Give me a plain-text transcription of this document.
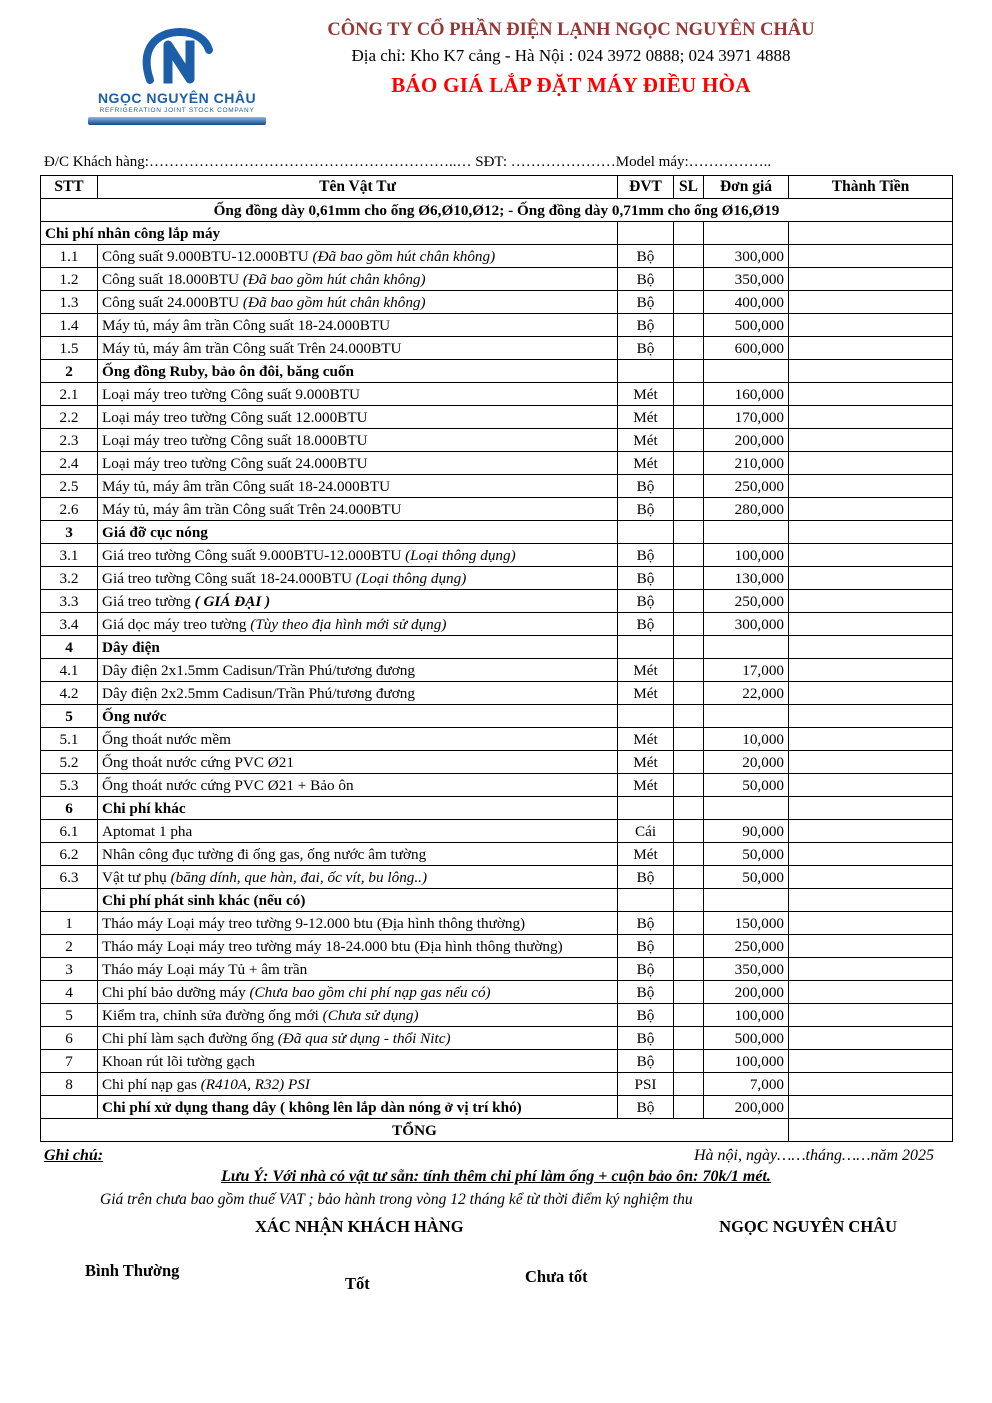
NGỌC NGUYÊN CHÂU
REFRIGERATION JOINT STOCK COMPANY
CÔNG TY CỔ PHẦN ĐIỆN LẠNH NGỌC NGUYÊN CHÂU
Địa chỉ: Kho K7 cảng - Hà Nội : 024 3972 0888; 024 3971 4888
BÁO GIÁ LẮP ĐẶT MÁY ĐIỀU HÒA
Đ/C Khách hàng:……………………………………………………..… SĐT: …………………Model máy:……………..
STT	Tên Vật Tư	ĐVT	SL	Đơn giá	Thành Tiền
Ống đồng dày 0,61mm cho ống Ø6,Ø10,Ø12; - Ống đồng dày 0,71mm cho ống Ø16,Ø19					
Chi phí nhân công lắp máy					
1.1	Công suất 9.000BTU-12.000BTU (Đã bao gồm hút chân không)	Bộ		300,000	
1.2	Công suất 18.000BTU (Đã bao gồm hút chân không)	Bộ		350,000	
1.3	Công suất 24.000BTU (Đã bao gồm hút chân không)	Bộ		400,000	
1.4	Máy tủ, máy âm trần Công suất 18-24.000BTU	Bộ		500,000	
1.5	Máy tủ, máy âm trần Công suất Trên 24.000BTU	Bộ		600,000	
2	Ống đồng Ruby, bảo ôn đôi, băng cuốn				
2.1	Loại máy treo tường Công suất 9.000BTU	Mét		160,000	
2.2	Loại máy treo tường Công suất 12.000BTU	Mét		170,000	
2.3	Loại máy treo tường Công suất 18.000BTU	Mét		200,000	
2.4	Loại máy treo tường Công suất 24.000BTU	Mét		210,000	
2.5	Máy tủ, máy âm trần Công suất 18-24.000BTU	Bộ		250,000	
2.6	Máy tủ, máy âm trần Công suất Trên 24.000BTU	Bộ		280,000	
3	Giá đỡ cục nóng				
3.1	Giá treo tường Công suất 9.000BTU-12.000BTU (Loại thông dụng)	Bộ		100,000	
3.2	Giá treo tường Công suất 18-24.000BTU (Loại thông dụng)	Bộ		130,000	
3.3	Giá treo tường ( GIÁ ĐẠI )	Bộ		250,000	
3.4	Giá dọc máy treo tường (Tùy theo địa hình mới sử dụng)	Bộ		300,000	
4	Dây điện				
4.1	Dây điện 2x1.5mm Cadisun/Trần Phú/tương đương	Mét		17,000	
4.2	Dây điện 2x2.5mm Cadisun/Trần Phú/tương đương	Mét		22,000	
5	Ống nước				
5.1	Ống thoát nước mềm	Mét		10,000	
5.2	Ống thoát nước cứng PVC Ø21	Mét		20,000	
5.3	Ống thoát nước cứng PVC Ø21 + Bảo ôn	Mét		50,000	
6	Chi phí khác				
6.1	Aptomat 1 pha	Cái		90,000	
6.2	Nhân công đục tường đi ống gas, ống nước âm tường	Mét		50,000	
6.3	Vật tư phụ (băng dính, que hàn, đai, ốc vít, bu lông..)	Bộ		50,000	
	Chi phí phát sinh khác (nếu có)				
1	Tháo máy Loại máy treo tường 9-12.000 btu (Địa hình thông thường)	Bộ		150,000	
2	Tháo máy Loại máy treo tường máy 18-24.000 btu (Địa hình thông thường)	Bộ		250,000	
3	Tháo máy Loại máy Tủ + âm trần	Bộ		350,000	
4	Chi phí bảo dưỡng máy (Chưa bao gồm chi phí nạp gas nếu có)	Bộ		200,000	
5	Kiểm tra, chỉnh sửa đường ống mới (Chưa sử dụng)	Bộ		100,000	
6	Chi phí làm sạch đường ống (Đã qua sử dụng - thổi Nitc)	Bộ		500,000	
7	Khoan rút lõi tường gạch	Bộ		100,000	
8	Chi phí nạp gas (R410A, R32) PSI	PSI		7,000	
	Chi phí xử dụng thang dây ( không lên lắp dàn nóng ở vị trí khó)	Bộ		200,000	
TỔNG					
Ghi chú:	Hà nội, ngày……tháng……năm 2025
Lưu Ý: Với nhà có vật tư sẵn: tính thêm chi phí làm ống + cuộn bảo ôn: 70k/1 mét.
Giá trên chưa bao gồm thuế VAT ; bảo hành trong vòng 12 tháng kể từ thời điểm ký nghiệm thu
XÁC NHẬN KHÁCH HÀNG	NGỌC NGUYÊN CHÂU
Bình Thường
Tốt	Chưa tốt
